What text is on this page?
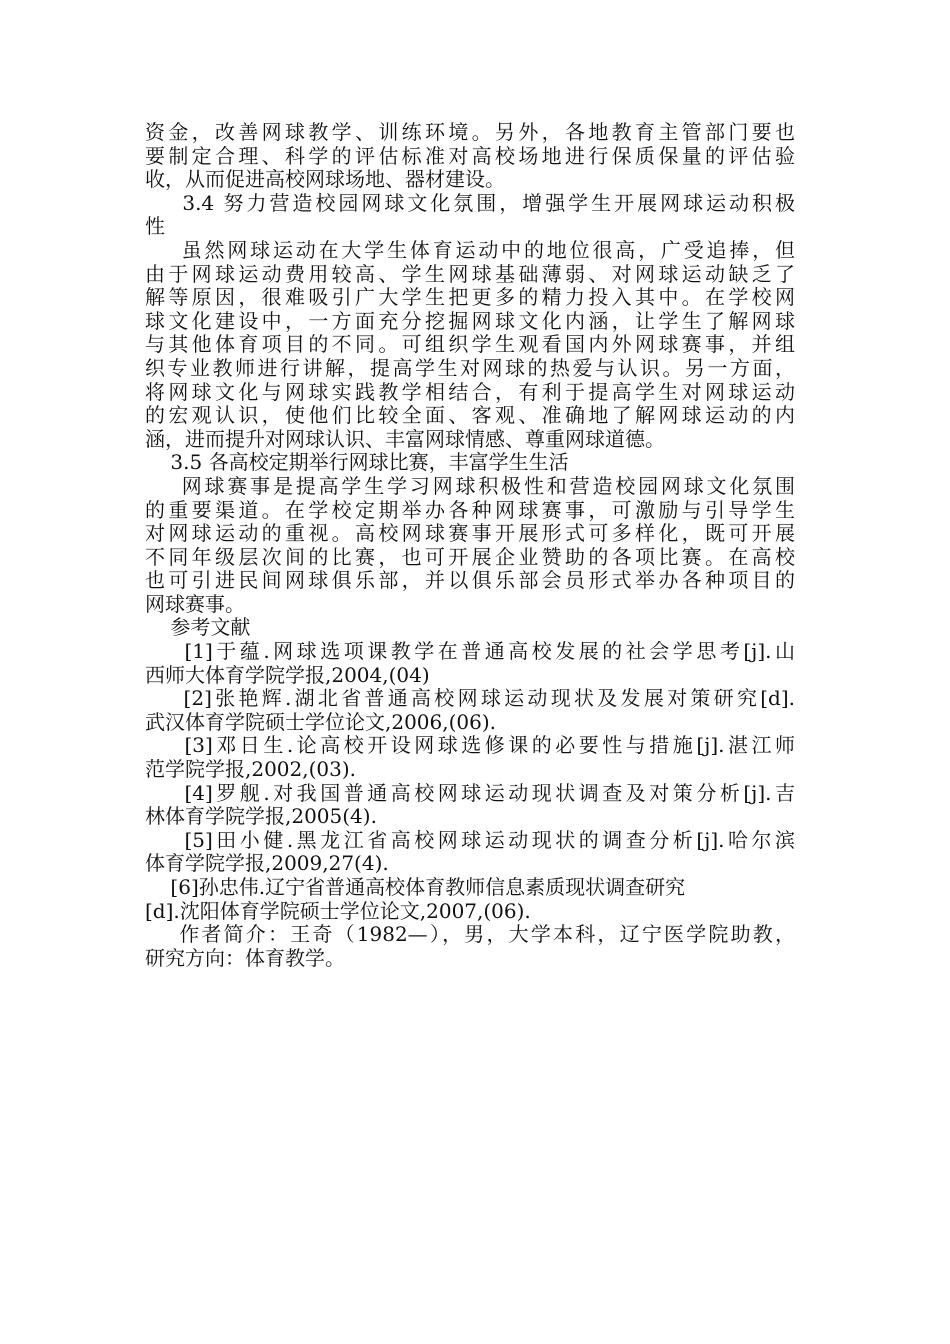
资金，改善网球教学、训练环境。另外，各地教育主管部门要也
要制定合理、科学的评估标准对高校场地进行保质保量的评估验
收，从而促进高校网球场地、器材建设。
3.4 努力营造校园网球文化氛围，增强学生开展网球运动积极
性
虽然网球运动在大学生体育运动中的地位很高，广受追捧，但
由于网球运动费用较高、学生网球基础薄弱、对网球运动缺乏了
解等原因，很难吸引广大学生把更多的精力投入其中。在学校网
球文化建设中，一方面充分挖掘网球文化内涵，让学生了解网球
与其他体育项目的不同。可组织学生观看国内外网球赛事，并组
织专业教师进行讲解，提高学生对网球的热爱与认识。另一方面，
将网球文化与网球实践教学相结合，有利于提高学生对网球运动
的宏观认识，使他们比较全面、客观、准确地了解网球运动的内
涵，进而提升对网球认识、丰富网球情感、尊重网球道德。
3.5 各高校定期举行网球比赛，丰富学生生活
网球赛事是提高学生学习网球积极性和营造校园网球文化氛围
的重要渠道。在学校定期举办各种网球赛事，可激励与引导学生
对网球运动的重视。高校网球赛事开展形式可多样化，既可开展
不同年级层次间的比赛，也可开展企业赞助的各项比赛。在高校
也可引进民间网球俱乐部，并以俱乐部会员形式举办各种项目的
网球赛事。
参考文献
[1]于蕴.网球选项课教学在普通高校发展的社会学思考[j].山
西师大体育学院学报,2004,(04)
[2]张艳辉.湖北省普通高校网球运动现状及发展对策研究[d].
武汉体育学院硕士学位论文,2006,(06).
[3]邓日生.论高校开设网球选修课的必要性与措施[j].湛江师
范学院学报,2002,(03).
[4]罗舰.对我国普通高校网球运动现状调查及对策分析[j].吉
林体育学院学报,2005(4).
[5]田小健.黑龙江省高校网球运动现状的调查分析[j].哈尔滨
体育学院学报,2009,27(4).
[6]孙忠伟.辽宁省普通高校体育教师信息素质现状调查研究
[d].沈阳体育学院硕士学位论文,2007,(06).
作者简介：王奇（1982—），男，大学本科，辽宁医学院助教，
研究方向：体育教学。
